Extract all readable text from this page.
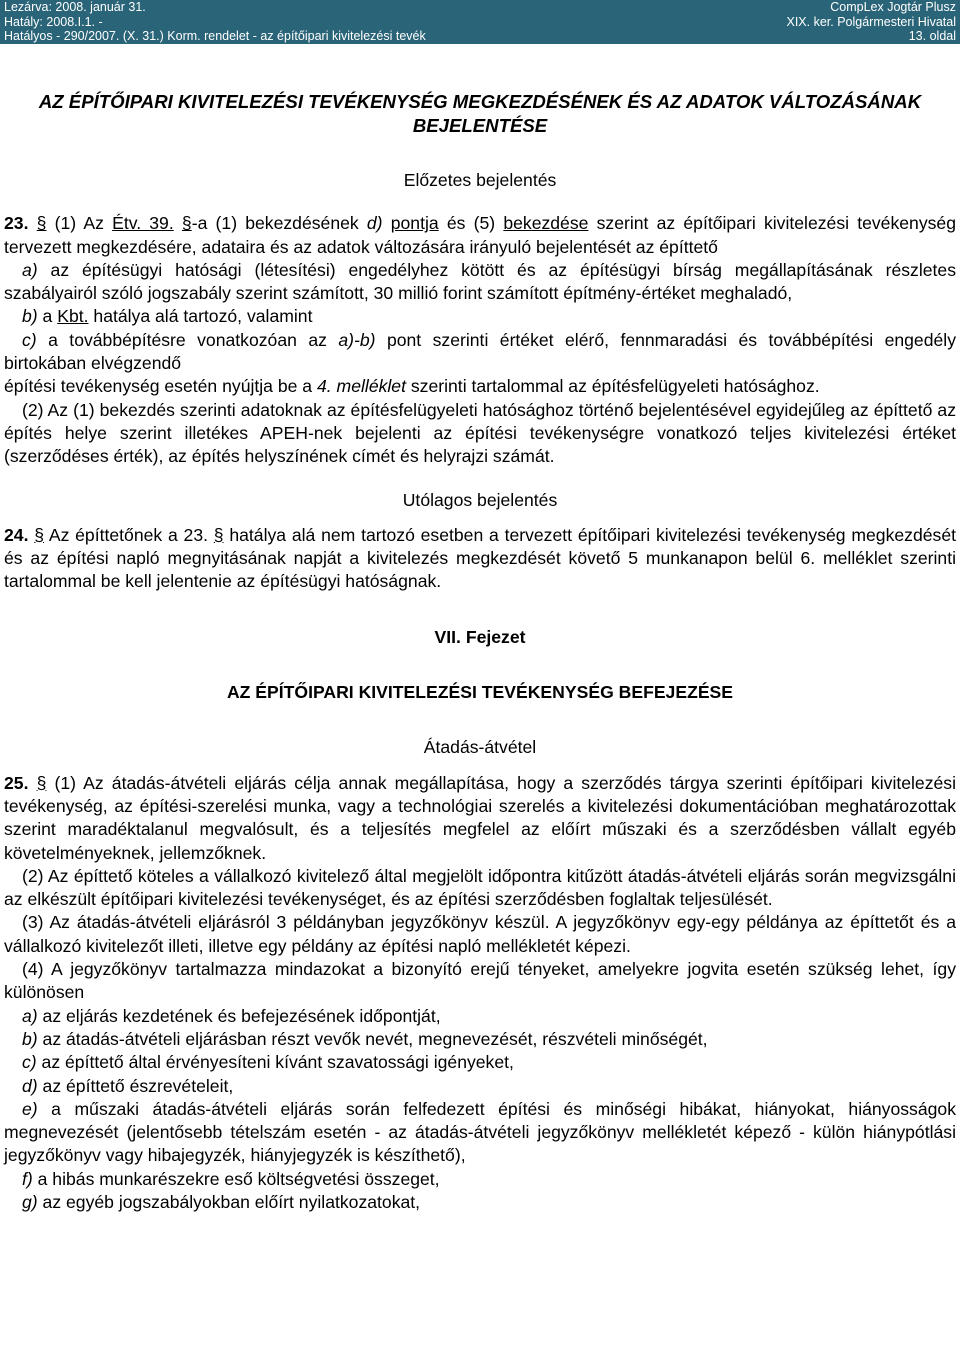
Lezárva: 2008. január 31.
Hatály: 2008.I.1. -
Hatályos - 290/2007. (X. 31.) Korm. rendelet - az építőipari kivitelezési tevék
CompLex Jogtár Plusz
XIX. ker. Polgármesteri Hivatal
13. oldal

AZ ÉPÍTŐIPARI KIVITELEZÉSI TEVÉKENYSÉG MEGKEZDÉSÉNEK ÉS AZ ADATOK VÁLTOZÁSÁNAK BEJELENTÉSE

Előzetes bejelentés

23. § (1) Az Étv. 39. §-a (1) bekezdésének d) pontja és (5) bekezdése szerint az építőipari kivitelezési tevékenység tervezett megkezdésére, adataira és az adatok változására irányuló bejelentését az építtető

a) az építésügyi hatósági (létesítési) engedélyhez kötött és az építésügyi bírság megállapításának részletes szabályairól szóló jogszabály szerint számított, 30 millió forint számított építmény-értéket meghaladó,

b) a Kbt. hatálya alá tartozó, valamint

c) a továbbépítésre vonatkozóan az a)-b) pont szerinti értéket elérő, fennmaradási és továbbépítési engedély birtokában elvégzendő

építési tevékenység esetén nyújtja be a 4. melléklet szerinti tartalommal az építésfelügyeleti hatósághoz.

(2) Az (1) bekezdés szerinti adatoknak az építésfelügyeleti hatósághoz történő bejelentésével egyidejűleg az építtető az építés helye szerint illetékes APEH-nek bejelenti az építési tevékenységre vonatkozó teljes kivitelezési értéket (szerződéses érték), az építés helyszínének címét és helyrajzi számát.

Utólagos bejelentés

24. § Az építtetőnek a 23. § hatálya alá nem tartozó esetben a tervezett építőipari kivitelezési tevékenység megkezdését és az építési napló megnyitásának napját a kivitelezés megkezdését követő 5 munkanapon belül 6. melléklet szerinti tartalommal be kell jelentenie az építésügyi hatóságnak.

VII. Fejezet

AZ ÉPÍTŐIPARI KIVITELEZÉSI TEVÉKENYSÉG BEFEJEZÉSE

Átadás-átvétel

25. § (1) Az átadás-átvételi eljárás célja annak megállapítása, hogy a szerződés tárgya szerinti építőipari kivitelezési tevékenység, az építési-szerelési munka, vagy a technológiai szerelés a kivitelezési dokumentációban meghatározottak szerint maradéktalanul megvalósult, és a teljesítés megfelel az előírt műszaki és a szerződésben vállalt egyéb követelményeknek, jellemzőknek.

(2) Az építtető köteles a vállalkozó kivitelező által megjelölt időpontra kitűzött átadás-átvételi eljárás során megvizsgálni az elkészült építőipari kivitelezési tevékenységet, és az építési szerződésben foglaltak teljesülését.

(3) Az átadás-átvételi eljárásról 3 példányban jegyzőkönyv készül. A jegyzőkönyv egy-egy példánya az építtetőt és a vállalkozó kivitelezőt illeti, illetve egy példány az építési napló mellékletét képezi.

(4) A jegyzőkönyv tartalmazza mindazokat a bizonyító erejű tényeket, amelyekre jogvita esetén szükség lehet, így különösen

a) az eljárás kezdetének és befejezésének időpontját,

b) az átadás-átvételi eljárásban részt vevők nevét, megnevezését, részvételi minőségét,

c) az építtető által érvényesíteni kívánt szavatossági igényeket,

d) az építtető észrevételeit,

e) a műszaki átadás-átvételi eljárás során felfedezett építési és minőségi hibákat, hiányokat, hiányosságok megnevezését (jelentősebb tételszám esetén - az átadás-átvételi jegyzőkönyv mellékletét képező - külön hiánypótlási jegyzőkönyv vagy hibajegyzék, hiányjegyzék is készíthető),

f) a hibás munkarészekre eső költségvetési összeget,

g) az egyéb jogszabályokban előírt nyilatkozatokat,
